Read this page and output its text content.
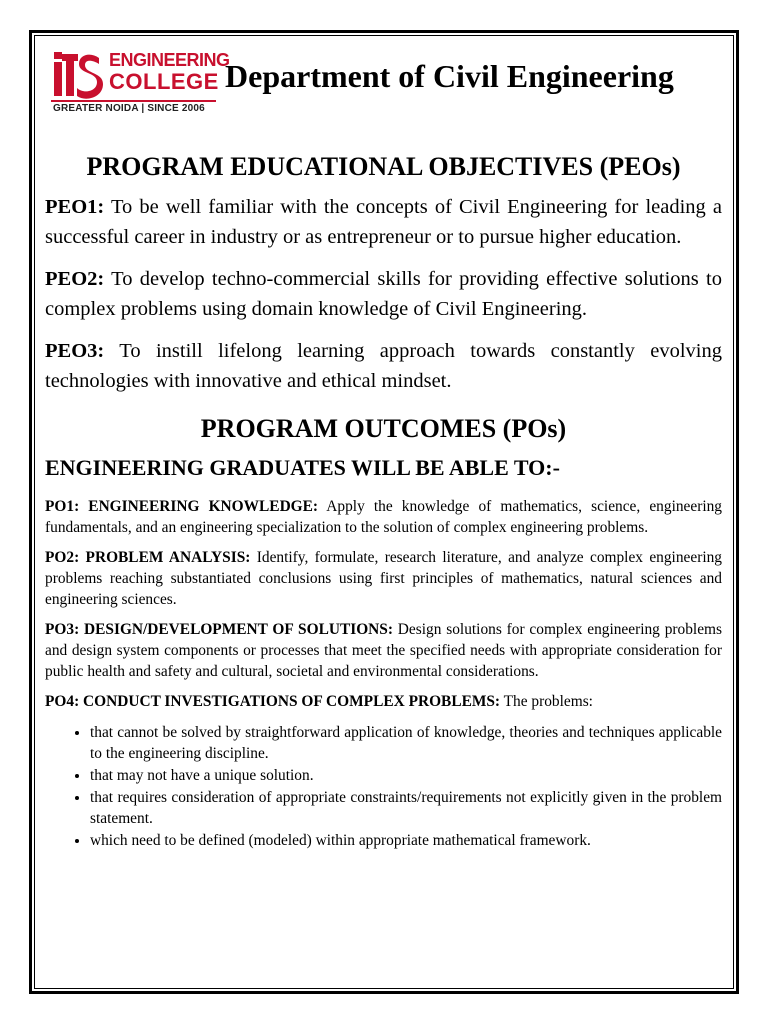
ENGINEERING
COLLEGE
GREATER NOIDA | SINCE 2006
Department of Civil Engineering
PROGRAM EDUCATIONAL OBJECTIVES (PEOs)

PEO1: To be well familiar with the concepts of Civil Engineering for leading a successful career in industry or as entrepreneur or to pursue higher education.

PEO2: To develop techno-commercial skills for providing effective solutions to complex problems using domain knowledge of Civil Engineering.

PEO3: To instill lifelong learning approach towards constantly evolving technologies with innovative and ethical mindset.

PROGRAM OUTCOMES (POs)
ENGINEERING GRADUATES WILL BE ABLE TO:-

PO1: ENGINEERING KNOWLEDGE: Apply the knowledge of mathematics, science, engineering fundamentals, and an engineering specialization to the solution of complex engineering problems.

PO2: PROBLEM ANALYSIS: Identify, formulate, research literature, and analyze complex engineering problems reaching substantiated conclusions using first principles of mathematics, natural sciences and engineering sciences.

PO3: DESIGN/DEVELOPMENT OF SOLUTIONS: Design solutions for complex engineering problems and design system components or processes that meet the specified needs with appropriate consideration for public health and safety and cultural, societal and environmental considerations.

PO4: CONDUCT INVESTIGATIONS OF COMPLEX PROBLEMS: The problems:

• that cannot be solved by straightforward application of knowledge, theories and techniques applicable to the engineering discipline.
• that may not have a unique solution.
• that requires consideration of appropriate constraints/requirements not explicitly given in the problem statement.
• which need to be defined (modeled) within appropriate mathematical framework.
